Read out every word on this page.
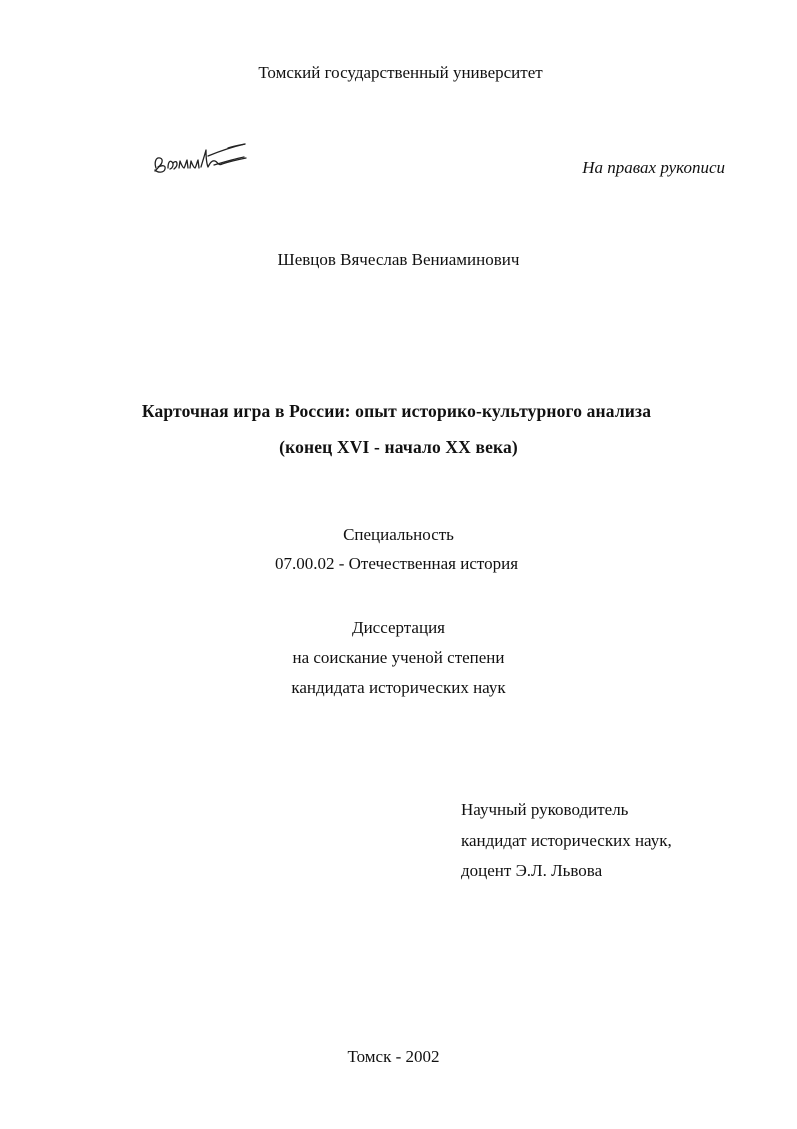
Томский государственный университет
На правах рукописи
Шевцов Вячеслав Вениаминович
Карточная игра в России: опыт историко-культурного анализа
(конец XVI - начало XX века)
Специальность
07.00.02 - Отечественная история
Диссертация
на соискание ученой степени
кандидата исторических наук
Научный руководитель
кандидат исторических наук,
доцент Э.Л. Львова
Томск - 2002
